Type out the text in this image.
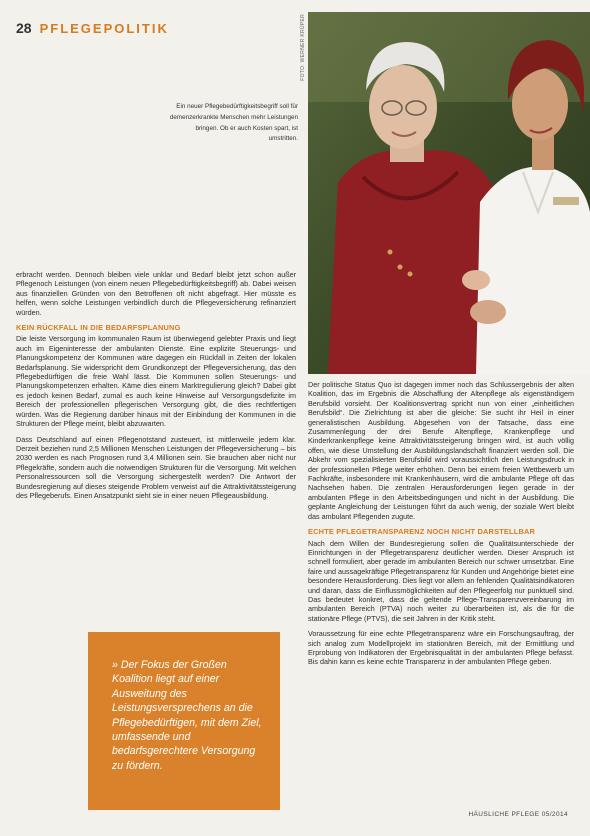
28 PFLEGEPOLITIK	FOTO: WERNER KRÜPER
Ein neuer Pflegebedürftigkeitsbegriff soll für demenzerkrankte Menschen mehr Leistungen bringen. Ob er auch Kosten spart, ist umstritten.

erbracht werden. Dennoch bleiben viele unklar und Bedarf bleibt jetzt schon außer Pflegenoch Leistungen (von einem neuen Pflegebedürftigkeitsbegriff) ab. Dabei weisen aus finanziellen Gründen von den Betroffenen oft nicht abgefragt. Hier müsste es helfen, wenn solche Leistungen verbindlich durch die Pflegeversicherung refinanziert würden.

KEIN RÜCKFALL IN DIE BEDARFSPLANUNG

Die leiste Versorgung im kommunalen Raum ist überwiegend gelebter Praxis und liegt auch im Eigeninteresse der ambulanten Dienste. Eine explizite Steuerungs- und Planungskompetenz der Kommunen wäre dagegen ein Rückfall in Zeiten der lokalen Bedarfsplanung. Sie widerspricht dem Grundkonzept der Pflegeversicherung, das den Pflegebedürftigen die freie Wahl lässt. Die Kommunen sollen Steuerungs- und Planungskompetenzen erhalten. Käme dies einem Marktregulierung gleich? Dabei gibt es jedoch keinen Bedarf, zumal es auch keine Hinweise auf Versorgungsdefizite im Bereich der professionellen pflegerischen Versorgung gibt, die dies rechtfertigen würden. Was die Regierung darüber hinaus mit der Einbindung der Kommunen in die Strukturen der Pflege meint, bleibt abzuwarten.

Dass Deutschland auf einen Pflegenotstand zusteuert, ist mittlerweile jedem klar. Derzeit beziehen rund 2,5 Millionen Menschen Leistungen der Pflegeversicherung – bis 2030 werden es nach Prognosen rund 3,4 Millionen sein. Sie brauchen aber nicht nur Pflegekräfte, sondern auch die notwendigen Strukturen für die Versorgung. Mit welchen Personalressourcen soll die Versorgung sichergestellt werden? Die Antwort der Bundesregierung auf dieses steigende Problem verweist auf die Attraktivitätssteigerung des Pflegeberufs. Einen Ansatzpunkt sieht sie in einer neuen Pflegeausbildung.

Der politische Status Quo ist dagegen immer noch das Schlussergebnis der alten Koalition, das im Ergebnis die Abschaffung der Altenpflege als eigenständigem Berufsbild vorsieht. Der Koalitionsvertrag spricht nun von einer „einheitlichen Berufsbild“. Die Zielrichtung ist aber die gleiche: Sie sucht ihr Heil in einer generalistischen Ausbildung. Abgesehen von der Tatsache, dass eine Zusammenlegung der drei Berufe Altenpflege, Krankenpflege und Kinderkrankenpflege keine Attraktivitätssteigerung bringen wird, ist auch völlig offen, wie diese Umstellung der Ausbildungslandschaft finanziert werden soll. Die Abkehr vom spezialisierten Berufsbild wird voraussichtlich den Leistungsdruck in der professionellen Pflege weiter erhöhen. Denn bei einem freien Wettbewerb um Fachkräfte, insbesondere mit Krankenhäusern, wird die ambulante Pflege oft das Nachsehen haben. Die zentralen Herausforderungen liegen gerade in der ambulanten Pflege in den Arbeitsbedingungen und nicht in der Ausbildung. Die geplante Angleichung der Leistungen führt da auch wenig, der soziale Wert bleibt das ambulant Pflegenden zugute.

ECHTE PFLEGETRANSPARENZ NOCH NICHT DARSTELLBAR

Nach dem Willen der Bundesregierung sollen die Qualitätsunterschiede der Einrichtungen in der Pflegetransparenz deutlicher werden. Dieser Anspruch ist schnell formuliert, aber gerade im ambulanten Bereich nur schwer umsetzbar. Eine faire und aussagekräftige Pflegetransparenz für Kunden und Angehörige bietet eine besondere Herausforderung. Dies liegt vor allem an fehlenden Qualitätsindikatoren und daran, dass die Einflussmöglichkeiten auf den Pflegeerfolg nur punktuell sind. Das bedeutet konkret, dass die geltende Pflege-Transparenzvereinbarung im ambulanten Bereich (PTVA) noch weiter zu überarbeiten ist, als die für die stationäre Pflege (PTVS), die seit Jahren in der Kritik steht.

Voraussetzung für eine echte Pflegetransparenz wäre ein Forschungsauftrag, der sich analog zum Modellprojekt im stationären Bereich, mit der Ermittlung und Erprobung von Indikatoren der Ergebnisqualität in der ambulanten Pflege befasst. Bis dahin kann es keine echte Transparenz in der ambulanten Pflege geben.

» Der Fokus der Großen Koalition liegt auf einer Ausweitung des Leistungsversprechens an die Pflegebedürftigen, mit dem Ziel, umfassende und bedarfsgerechtere Versorgung zu fördern.
HÄUSLICHE PFLEGE 05/2014
